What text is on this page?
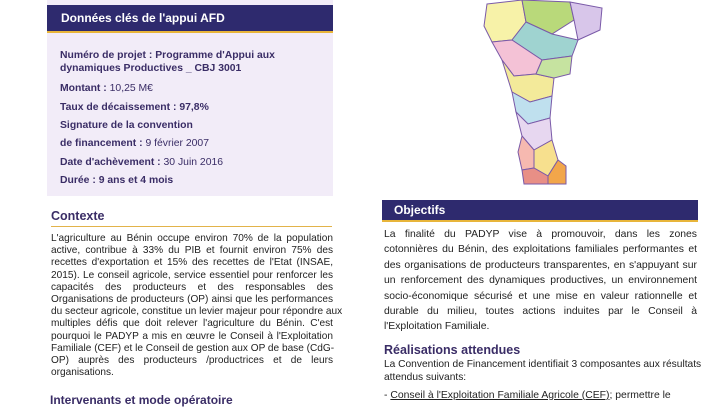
Données clés de l'appui AFD
Numéro de projet : Programme d'Appui aux
dynamiques Productives _ CBJ 3001
Montant : 10,25 M€
Taux de décaissement : 97,8%
Signature de la convention
de financement : 9 février 2007
Date d'achèvement : 30 Juin 2016
Durée : 9 ans et 4 mois
Contexte
L'agriculture au Bénin occupe environ 70% de la population
active, contribue à 33% du PIB et fournit environ 75% des
recettes d'exportation et 15% des recettes de l'Etat (INSAE,
2015). Le conseil agricole, service essentiel pour renforcer les
capacités des producteurs et des responsables des
Organisations de producteurs (OP) ainsi que les performances
du secteur agricole, constitue un levier majeur pour répondre aux
multiples défis que doit relever l'agriculture du Bénin. C'est
pourquoi le PADYP a mis en œuvre le Conseil à l'Exploitation
Familiale (CEF) et le Conseil de gestion aux OP de base (CdG-
OP) auprès des producteurs /productrices et de leurs
organisations.
Intervenants et mode opératoire
Objectifs
La finalité du PADYP vise à promouvoir, dans les zones
cotonnières du Bénin, des exploitations familiales performantes et
des organisations de producteurs transparentes, en s'appuyant sur
un renforcement des dynamiques productives, un environnement
socio-économique sécurisé et une mise en valeur rationnelle et
durable du milieu, toutes actions induites par le Conseil à
l'Exploitation Familiale.
Réalisations attendues
La Convention de Financement identifiait 3 composantes aux résultats
attendus suivants:
- Conseil à l'Exploitation Familiale Agricole (CEF); permettre le
